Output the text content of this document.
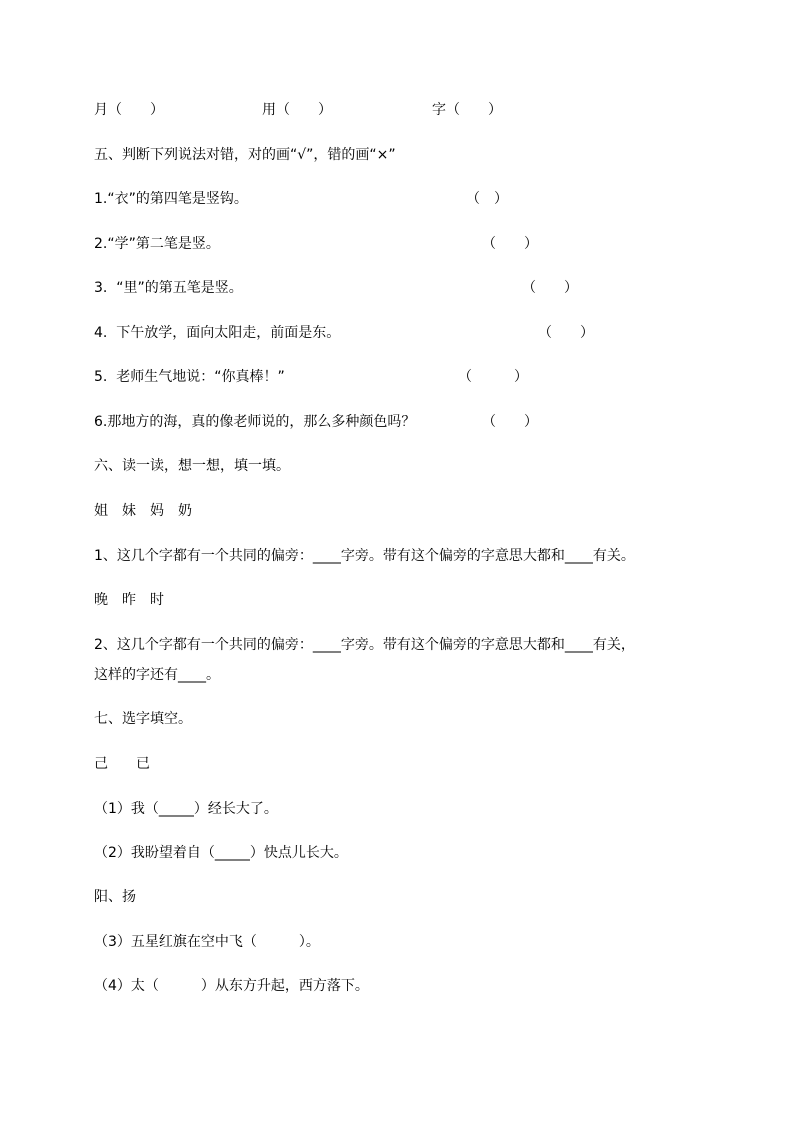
月（　　）	用（　　）	字（　　）
五、判断下列说法对错，对的画“√”，错的画“×”
1.“衣”的第四笔是竖钩。	（　）
2.“学”第二笔是竖。	（　　）
3.  “里”的第五笔是竖。	（　　）
4.  下午放学，面向太阳走，前面是东。	（　　）
5.  老师生气地说：“你真棒！”	（　　　）
6.那地方的海，真的像老师说的，那么多种颜色吗？	（　　）
六、读一读，想一想，填一填。
姐　妹　妈　奶
1、这几个字都有一个共同的偏旁：____字旁。带有这个偏旁的字意思大都和____有关。
晚　昨　时
2、这几个字都有一个共同的偏旁：____字旁。带有这个偏旁的字意思大都和____有关，
这样的字还有____。
七、选字填空。
己　　已
（1）我（_____）经长大了。
（2）我盼望着自（_____）快点儿长大。
阳、扬
（3）五星红旗在空中飞（　　　）。
（4）太（　　　）从东方升起，西方落下。
